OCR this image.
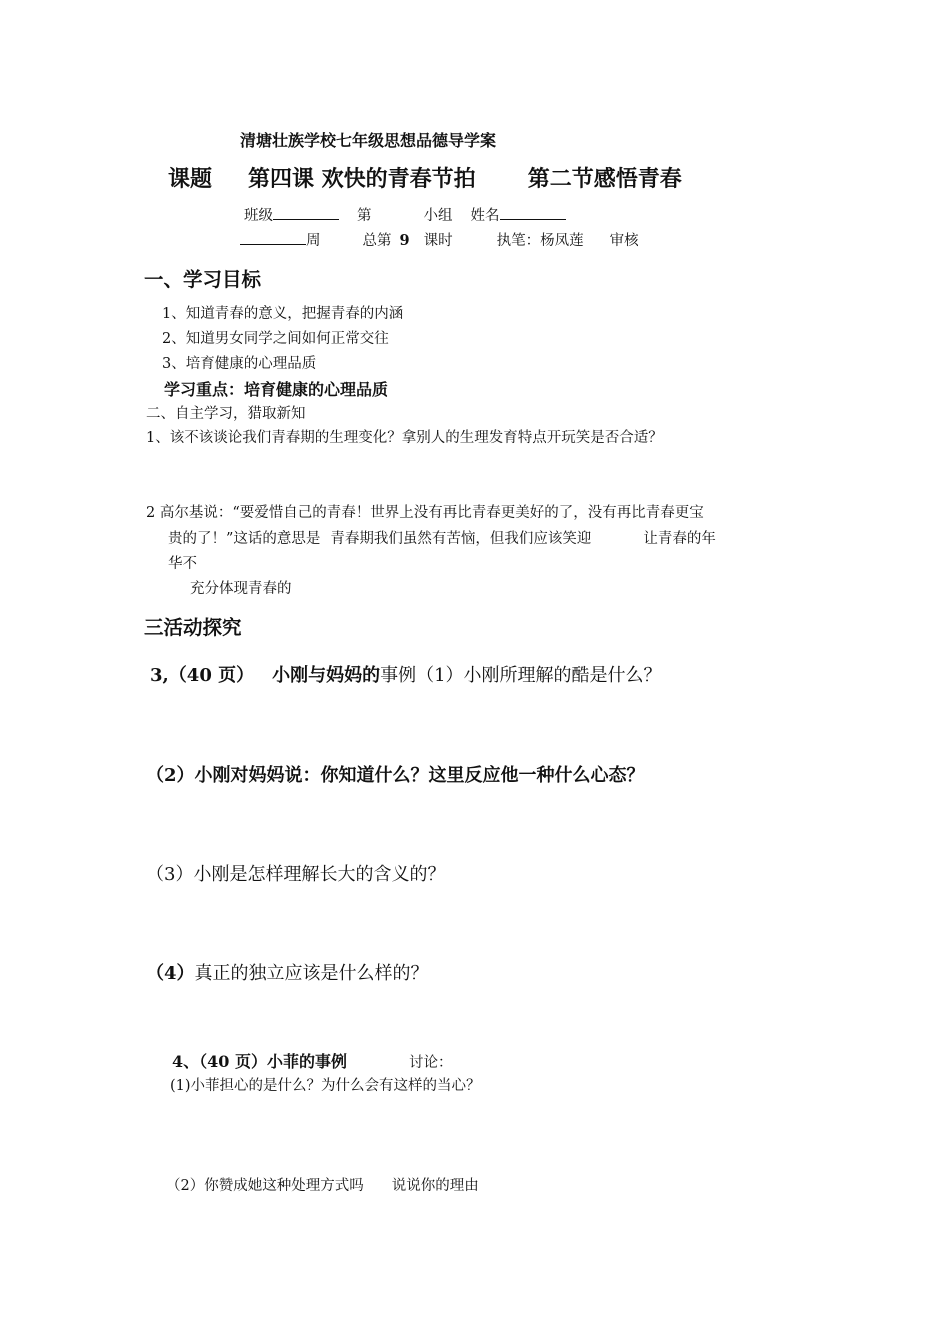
清塘壮族学校七年级思想品德导学案
课题 第四课 欢快的青春节拍 第二节感悟青春
班级	第	小组 姓名
周	总第 9 课时	执笔：杨凤莲 审核
一、学习目标
1、知道青春的意义，把握青春的内涵
2、知道男女同学之间如何正常交往
3、培育健康的心理品质
学习重点：培育健康的心理品质
二、自主学习，猎取新知
1、该不该谈论我们青春期的生理变化？拿别人的生理发育特点开玩笑是否合适？
2 高尔基说：“要爱惜自己的青春！世界上没有再比青春更美好的了，没有再比青春更宝
贵的了！”这话的意思是 青春期我们虽然有苦恼，但我们应该笑迎	让青春的年
华不
充分体现青春的
三活动探究
3,（40 页） 小刚与妈妈的事例（1）小刚所理解的酷是什么？
（2）小刚对妈妈说：你知道什么？这里反应他一种什么心态？
（3）小刚是怎样理解长大的含义的？
（4）真正的独立应该是什么样的？
4、（40 页）小菲的事例	讨论：
(1)小菲担心的是什么？为什么会有这样的当心？
（2）你赞成她这种处理方式吗 说说你的理由
